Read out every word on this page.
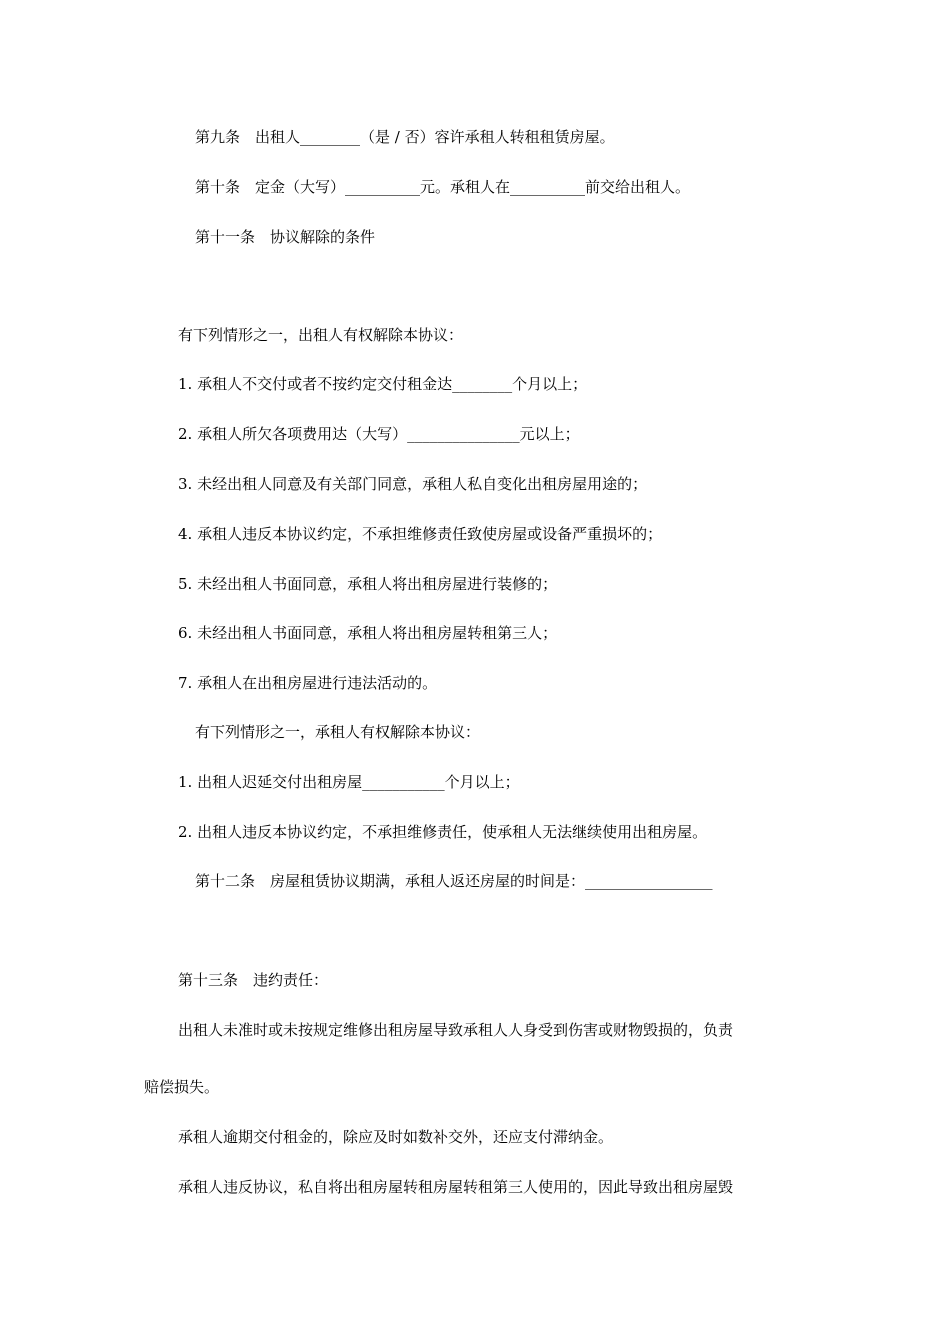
第九条　出租人________（是 / 否）容许承租人转租租赁房屋。
第十条　定金（大写）__________元。承租人在__________前交给出租人。
第十一条　协议解除的条件
有下列情形之一，出租人有权解除本协议：
1. 承租人不交付或者不按约定交付租金达________个月以上；
2. 承租人所欠各项费用达（大写）_______________元以上；
3. 未经出租人同意及有关部门同意，承租人私自变化出租房屋用途的；
4. 承租人违反本协议约定，不承担维修责任致使房屋或设备严重损坏的；
5. 未经出租人书面同意，承租人将出租房屋进行装修的；
6. 未经出租人书面同意，承租人将出租房屋转租第三人；
7. 承租人在出租房屋进行违法活动的。
有下列情形之一，承租人有权解除本协议：
1. 出租人迟延交付出租房屋___________个月以上；
2. 出租人违反本协议约定，不承担维修责任，使承租人无法继续使用出租房屋。
第十二条　房屋租赁协议期满，承租人返还房屋的时间是：_________________
第十三条　违约责任：
出租人未准时或未按规定维修出租房屋导致承租人人身受到伤害或财物毁损的，负责
赔偿损失。
承租人逾期交付租金的，除应及时如数补交外，还应支付滞纳金。
承租人违反协议，私自将出租房屋转租房屋转租第三人使用的，因此导致出租房屋毁
